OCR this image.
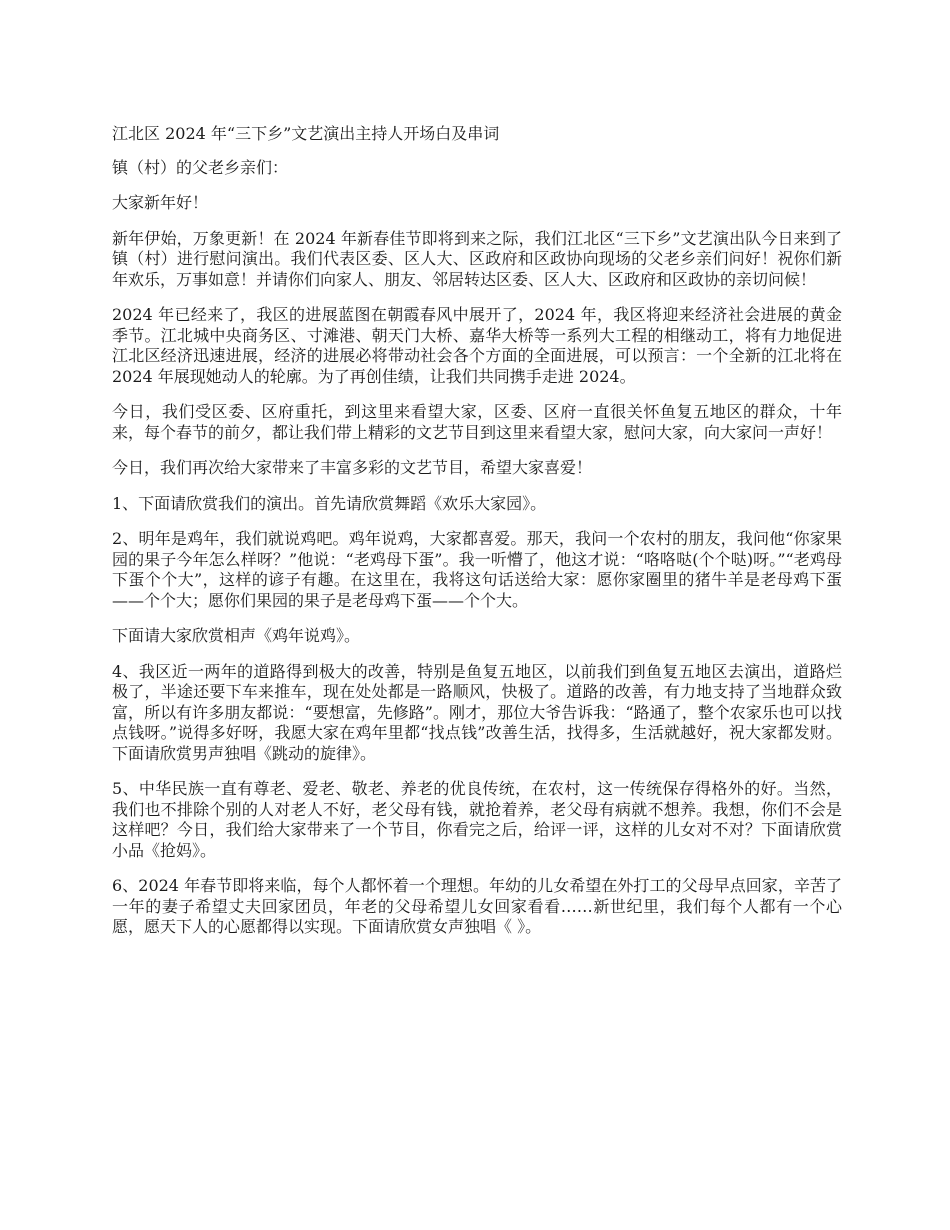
江北区 2024 年“三下乡”文艺演出主持人开场白及串词

镇（村）的父老乡亲们：

大家新年好！

新年伊始，万象更新！在 2024 年新春佳节即将到来之际，我们江北区“三下乡”文艺演出队今日来到了 镇（村）进行慰问演出。我们代表区委、区人大、区政府和区政协向现场的父老乡亲们问好！祝你们新年欢乐，万事如意！并请你们向家人、朋友、邻居转达区委、区人大、区政府和区政协的亲切问候！

2024 年已经来了，我区的进展蓝图在朝霞春风中展开了，2024 年，我区将迎来经济社会进展的黄金季节。江北城中央商务区、寸滩港、朝天门大桥、嘉华大桥等一系列大工程的相继动工，将有力地促进江北区经济迅速进展，经济的进展必将带动社会各个方面的全面进展，可以预言：一个全新的江北将在 2024 年展现她动人的轮廓。为了再创佳绩，让我们共同携手走进 2024。

今日，我们受区委、区府重托，到这里来看望大家，区委、区府一直很关怀鱼复五地区的群众，十年来，每个春节的前夕，都让我们带上精彩的文艺节目到这里来看望大家，慰问大家，向大家问一声好！

今日，我们再次给大家带来了丰富多彩的文艺节目，希望大家喜爱！

1、下面请欣赏我们的演出。首先请欣赏舞蹈《欢乐大家园》。

2、明年是鸡年，我们就说鸡吧。鸡年说鸡，大家都喜爱。那天，我问一个农村的朋友，我问他“你家果园的果子今年怎么样呀？”他说：“老鸡母下蛋”。我一听懵了，他这才说：“咯咯哒(个个哒)呀。”“老鸡母下蛋个个大”，这样的谚子有趣。在这里在，我将这句话送给大家：愿你家圈里的猪牛羊是老母鸡下蛋——个个大；愿你们果园的果子是老母鸡下蛋——个个大。

下面请大家欣赏相声《鸡年说鸡》。

4、我区近一两年的道路得到极大的改善，特别是鱼复五地区，以前我们到鱼复五地区去演出，道路烂极了，半途还要下车来推车，现在处处都是一路顺风，快极了。道路的改善，有力地支持了当地群众致富，所以有许多朋友都说：“要想富，先修路”。刚才，那位大爷告诉我：“路通了，整个农家乐也可以找点钱呀。”说得多好呀，我愿大家在鸡年里都“找点钱”改善生活，找得多，生活就越好，祝大家都发财。下面请欣赏男声独唱《跳动的旋律》。

5、中华民族一直有尊老、爱老、敬老、养老的优良传统，在农村，这一传统保存得格外的好。当然，我们也不排除个别的人对老人不好，老父母有钱，就抢着养，老父母有病就不想养。我想，你们不会是这样吧？今日，我们给大家带来了一个节目，你看完之后，给评一评，这样的儿女对不对？下面请欣赏小品《抢妈》。

6、2024 年春节即将来临，每个人都怀着一个理想。年幼的儿女希望在外打工的父母早点回家，辛苦了一年的妻子希望丈夫回家团员，年老的父母希望儿女回家看看……新世纪里，我们每个人都有一个心愿，愿天下人的心愿都得以实现。下面请欣赏女声独唱《 》。
